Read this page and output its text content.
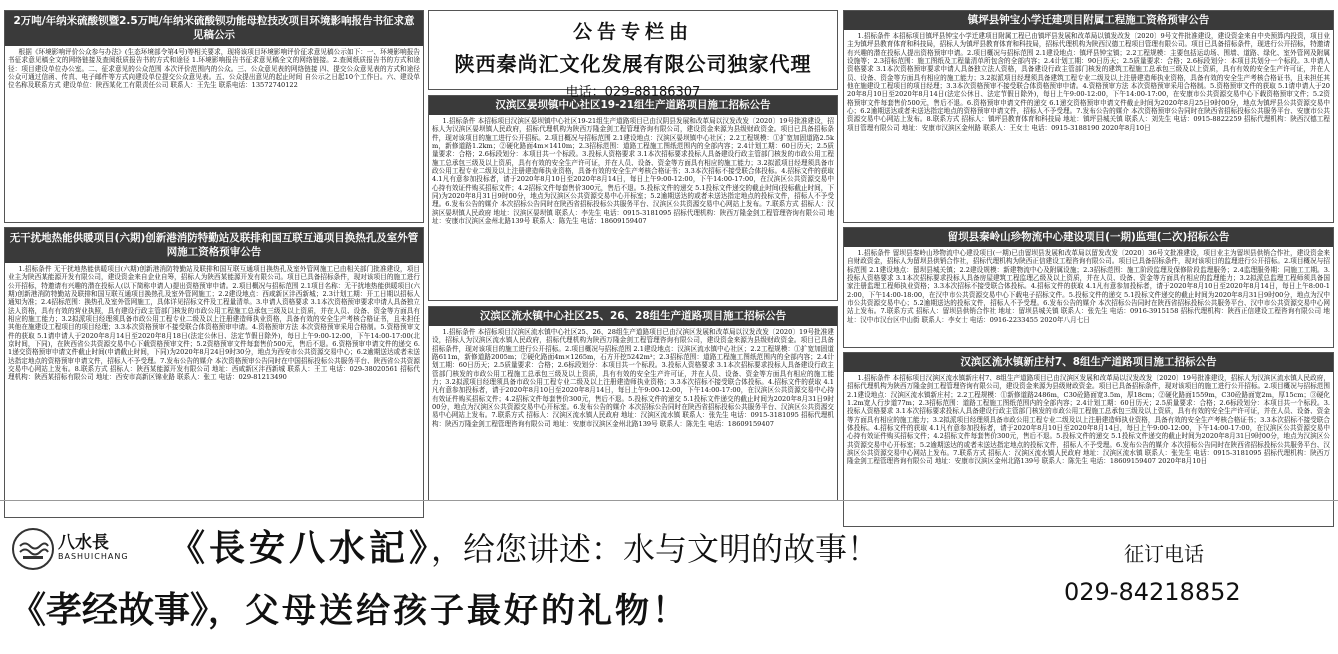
2万吨/年纳米硫酸钡暨2.5万吨/年纳米硫酸钡功能母粒技改项目环境影响报告书征求意见稿公示

根据《环境影响评价公众参与办法》(生态环境部令第4号)等相关要求，现将该项目环境影响评价征求意见稿公示如下：一、环境影响报告书征求意见稿全文的网络链接及查阅纸质报告书的方式和途径 1.环境影响报告书征求意见稿全文的网络链接。2.查阅纸质报告书的方式和途径：项目建设单位办公室。二、征求意见的公众范围 本次评价范围内的公众。三、公众意见表的网络链接 四、提交公众意见表的方式和途径 公众可通过信函、传真、电子邮件等方式向建设单位提交公众意见表。五、公众提出意见的起止时间 自公示之日起10个工作日。六、建设单位名称及联系方式 建设单位：陕西某化工有限责任公司 联系人：王先生 联系电话：13572740122

无干扰地热能供暖项目(六期)创新港消防特勤站及联排和国互联互通项目换热孔及室外管网施工资格预审公告

1.招标条件 无干扰地热能供暖项目(六期)创新港消防特勤站及联排和国互联互通项目换热孔及室外管网施工已由相关部门批准建设，项目业主为陕西某能源开发有限公司，建设资金来自企业自筹，招标人为陕西某能源开发有限公司。项目已具备招标条件，现对该项目的施工进行公开招标，特邀请有兴趣的潜在投标人(以下简称申请人)提出资格预审申请。2.项目概况与招标范围 2.1项目名称：无干扰地热能供暖项目(六期)创新港消防特勤站及联排和国互联互通项目换热孔及室外管网施工；2.2建设地点：西咸新区沣西新城；2.3计划工期：开工日期以招标人通知为准；2.4招标范围：换热孔及室外管网施工，具体详见招标文件及工程量清单。3.申请人资格要求 3.1本次资格预审要求申请人具备独立法人资格，具有有效的营业执照，具有建设行政主管部门核发的市政公用工程施工总承包三级及以上资质，并在人员、设备、资金等方面具有相应的施工能力；3.2拟派项目经理须具备市政公用工程专业二级及以上注册建造师执业资格，具备有效的安全生产考核合格证书，且未担任其他在施建设工程项目的项目经理；3.3本次资格预审不接受联合体资格预审申请。4.资格预审方法 本次资格预审采用合格制。5.资格预审文件的获取 5.1请申请人于2020年8月14日至2020年8月18日(法定公休日、法定节假日除外)，每日上午9:00-12:00，下午14:00-17:00(北京时间，下同)，在陕西省公共资源交易中心下载资格预审文件；5.2资格预审文件每套售价500元，售后不退。6.资格预审申请文件的递交 6.1递交资格预审申请文件截止时间(申请截止时间，下同)为2020年8月24日9时30分，地点为西安市公共资源交易中心；6.2逾期送达或者未送达指定地点的资格预审申请文件，招标人不予受理。7.发布公告的媒介 本次资格预审公告同时在中国招标投标公共服务平台、陕西省公共资源交易中心网站上发布。8.联系方式 招标人：陕西某能源开发有限公司 地址：西咸新区沣西新城 联系人：王工 电话：029-38020561 招标代理机构：陕西某招标有限公司 地址：西安市高新区锦业路 联系人：张工 电话：029-81213490

公告专栏由
陕西秦尚汇文化发展有限公司独家代理
电话：029-88186307
汉滨区晏坝镇中心社区19-21组生产道路项目施工招标公告

1.招标条件 本招标项目汉滨区晏坝镇中心社区19-21组生产道路项目已由汉阴县发展和改革局以汉发改发〔2020〕19号批准建设，招标人为汉滨区晏坝镇人民政府，招标代理机构为陕西万隆金剑工程管理咨询有限公司，建设资金来源为县级财政资金。项目已具备招标条件，现对该项目的施工进行公开招标。2.项目概况与招标范围 2.1建设地点：汉滨区晏坝镇中心社区；2.2工程规模：①扩宽加固道路2.5km，新修道路1.2km；②硬化路面4m×1410m；2.3招标范围：道路工程施工图纸范围内的全部内容；2.4计划工期：60日历天；2.5质量要求：合格；2.6标段划分：本项目共一个标段。3.投标人资格要求 3.1本次招标要求投标人具备建设行政主管部门核发的市政公用工程施工总承包三级及以上资质，具有有效的安全生产许可证，并在人员、设备、资金等方面具有相应的施工能力；3.2拟派项目经理须具备市政公用工程专业二级及以上注册建造师执业资格，具备有效的安全生产考核合格证书；3.3本次招标不接受联合体投标。4.招标文件的获取 4.1凡有意参加投标者，请于2020年8月10日至2020年8月14日，每日上午9:00-12:00，下午14:00-17:00，在汉滨区公共资源交易中心持有效证件购买招标文件；4.2招标文件每套售价300元，售后不退。5.投标文件的递交 5.1投标文件递交的截止时间(投标截止时间，下同)为2020年8月31日9时00分，地点为汉滨区公共资源交易中心开标室；5.2逾期送达的或者未送达指定地点的投标文件，招标人不予受理。6.发布公告的媒介 本次招标公告同时在陕西省招标投标公共服务平台、汉滨区公共资源交易中心网站上发布。7.联系方式 招标人：汉滨区晏坝镇人民政府 地址：汉滨区晏坝镇 联系人：李先生 电话：0915-3181095 招标代理机构：陕西万隆金剑工程管理咨询有限公司 地址：安康市汉滨区金州北路139号 联系人：陈先生 电话：18609159407

汉滨区流水镇中心社区25、26、28组生产道路项目施工招标公告

1.招标条件 本招标项目汉滨区流水镇中心社区25、26、28组生产道路项目已由汉滨区发展和改革局以汉发改发〔2020〕19号批准建设，招标人为汉滨区流水镇人民政府，招标代理机构为陕西万隆金剑工程管理咨询有限公司，建设资金来源为县级财政资金。项目已具备招标条件，现对该项目的施工进行公开招标。2.项目概况与招标范围 2.1建设地点：汉滨区流水镇中心社区；2.2工程规模：①扩宽加固道路611m，新修道路2005m；②硬化路面4m×1265m，石方开挖5242m³；2.3招标范围：道路工程施工图纸范围内的全部内容；2.4计划工期：60日历天；2.5质量要求：合格；2.6标段划分：本项目共一个标段。3.投标人资格要求 3.1本次招标要求投标人具备建设行政主管部门核发的市政公用工程施工总承包三级及以上资质，具有有效的安全生产许可证，并在人员、设备、资金等方面具有相应的施工能力；3.2拟派项目经理须具备市政公用工程专业二级及以上注册建造师执业资格；3.3本次招标不接受联合体投标。4.招标文件的获取 4.1凡有意参加投标者，请于2020年8月10日至2020年8月14日，每日上午9:00-12:00，下午14:00-17:00，在汉滨区公共资源交易中心持有效证件购买招标文件；4.2招标文件每套售价300元，售后不退。5.投标文件的递交 5.1投标文件递交的截止时间为2020年8月31日9时00分，地点为汉滨区公共资源交易中心开标室。6.发布公告的媒介 本次招标公告同时在陕西省招标投标公共服务平台、汉滨区公共资源交易中心网站上发布。7.联系方式 招标人：汉滨区流水镇人民政府 地址：汉滨区流水镇 联系人：张先生 电话：0915-3181095 招标代理机构：陕西万隆金剑工程管理咨询有限公司 地址：安康市汉滨区金州北路139号 联系人：陈先生 电话：18609159407

镇坪县钟宝小学迁建项目附属工程施工资格预审公告

1.招标条件 本招标项目镇坪县钟宝小学迁建项目附属工程已由镇坪县发展和改革局以镇发改发〔2020〕9号文件批准建设，建设资金来自中央预算内投资，项目业主为镇坪县教育体育和科技局，招标人为镇坪县教育体育和科技局，招标代理机构为陕西汉德工程项目管理有限公司。项目已具备招标条件，现进行公开招标，特邀请有兴趣的潜在投标人提出资格预审申请。2.项目概况与招标范围 2.1建设地点：镇坪县钟宝镇；2.2工程规模：主要包括运动场、围墙、道路、绿化、室外管网及附属设施等；2.3招标范围：施工图纸及工程量清单所包含的全部内容；2.4计划工期：90日历天；2.5质量要求：合格；2.6标段划分：本项目共划分一个标段。3.申请人资格要求 3.1本次资格预审要求申请人具备独立法人资格，具备建设行政主管部门核发的建筑工程施工总承包三级及以上资质，具有有效的安全生产许可证，并在人员、设备、资金等方面具有相应的施工能力；3.2拟派项目经理须具备建筑工程专业二级及以上注册建造师执业资格，具备有效的安全生产考核合格证书，且未担任其他在施建设工程项目的项目经理；3.3本次资格预审不接受联合体资格预审申请。4.资格预审方法 本次资格预审采用合格制。5.资格预审文件的获取 5.1请申请人于2020年8月10日至2020年8月14日(法定公休日、法定节假日除外)，每日上午9:00-12:00，下午14:00-17:00，在安康市公共资源交易中心下载资格预审文件；5.2资格预审文件每套售价500元，售后不退。6.资格预审申请文件的递交 6.1递交资格预审申请文件截止时间为2020年8月25日9时00分，地点为镇坪县公共资源交易中心；6.2逾期送达或者未送达指定地点的资格预审申请文件，招标人不予受理。7.发布公告的媒介 本次资格预审公告同时在陕西省招标投标公共服务平台、安康市公共资源交易中心网站上发布。8.联系方式 招标人：镇坪县教育体育和科技局 地址：镇坪县城关镇 联系人：刘先生 电话：0915-8822259 招标代理机构：陕西汉德工程项目管理有限公司 地址：安康市汉滨区金州路 联系人：王女士 电话：0915-3188190 2020年8月10日

留坝县秦岭山珍物流中心建设项目(一期)监理(二次)招标公告

1.招标条件 留坝县秦岭山珍物流中心建设项目(一期)已由留坝县发展和改革局以留发改发〔2020〕36号文批准建设，项目业主为留坝县供销合作社，建设资金来自财政资金，招标人为留坝县供销合作社，招标代理机构为陕西正信建设工程咨询有限公司。项目已具备招标条件，现对该项目的监理进行公开招标。2.项目概况与招标范围 2.1建设地点：留坝县城关镇；2.2建设规模：新建物流中心及附属设施；2.3招标范围：施工阶段监理及保修阶段监理服务；2.4监理服务期：同施工工期。3.投标人资格要求 3.1本次招标要求投标人具备房屋建筑工程监理乙级及以上资质，并在人员、设备、资金等方面具有相应的监理能力；3.2拟派总监理工程师须具备国家注册监理工程师执业资格；3.3本次招标不接受联合体投标。4.招标文件的获取 4.1凡有意参加投标者，请于2020年8月10日至2020年8月14日，每日上午8:00-12:00，下午14:00-18:00，在汉中市公共资源交易中心下载电子招标文件。5.投标文件的递交 5.1投标文件递交的截止时间为2020年8月31日9时00分，地点为汉中市公共资源交易中心；5.2逾期送达的投标文件，招标人不予受理。6.发布公告的媒介 本次招标公告同时在陕西省招标投标公共服务平台、汉中市公共资源交易中心网站上发布。7.联系方式 招标人：留坝县供销合作社 地址：留坝县城关镇 联系人：张先生 电话：0916-3915158 招标代理机构：陕西正信建设工程咨询有限公司 地址：汉中市汉台区中山街 联系人：李女士 电话：0916-2233455 2020年八月七日

汉滨区流水镇新庄村7、8组生产道路项目施工招标公告

1.招标条件 本招标项目汉滨区流水镇新庄村7、8组生产道路项目已由汉滨区发展和改革局以汉发改发〔2020〕19号批准建设，招标人为汉滨区流水镇人民政府，招标代理机构为陕西万隆金剑工程管理咨询有限公司，建设资金来源为县级财政资金。项目已具备招标条件，现对该项目的施工进行公开招标。2.项目概况与招标范围 2.1建设地点：汉滨区流水镇新庄村；2.2工程规模：①新修道路2486m，C30砼路面宽3.5m，厚18cm；②硬化路面1559m，C30砼路面宽2m，厚15cm；③硬化1.2m宽人行步道77m；2.3招标范围：道路工程施工图纸范围内的全部内容；2.4计划工期：60日历天；2.5质量要求：合格；2.6标段划分：本项目共一个标段。3.投标人资格要求 3.1本次招标要求投标人具备建设行政主管部门核发的市政公用工程施工总承包三级及以上资质，具有有效的安全生产许可证，并在人员、设备、资金等方面具有相应的施工能力；3.2拟派项目经理须具备市政公用工程专业二级及以上注册建造师执业资格，具备有效的安全生产考核合格证书；3.3本次招标不接受联合体投标。4.招标文件的获取 4.1凡有意参加投标者，请于2020年8月10日至2020年8月14日，每日上午9:00-12:00，下午14:00-17:00，在汉滨区公共资源交易中心持有效证件购买招标文件；4.2招标文件每套售价300元，售后不退。5.投标文件的递交 5.1投标文件递交的截止时间为2020年8月31日9时00分，地点为汉滨区公共资源交易中心开标室；5.2逾期送达的或者未送达指定地点的投标文件，招标人不予受理。6.发布公告的媒介 本次招标公告同时在陕西省招标投标公共服务平台、汉滨区公共资源交易中心网站上发布。7.联系方式 招标人：汉滨区流水镇人民政府 地址：汉滨区流水镇 联系人：张先生 电话：0915-3181095 招标代理机构：陕西万隆金剑工程管理咨询有限公司 地址：安康市汉滨区金州北路139号 联系人：陈先生 电话：18609159407 2020年8月10日

八水長
BASHUICHANG 《長安八水記》，给您讲述：水与文明的故事！
《孝经故事》，父母送给孩子最好的礼物！
征订电话
029-84218852
